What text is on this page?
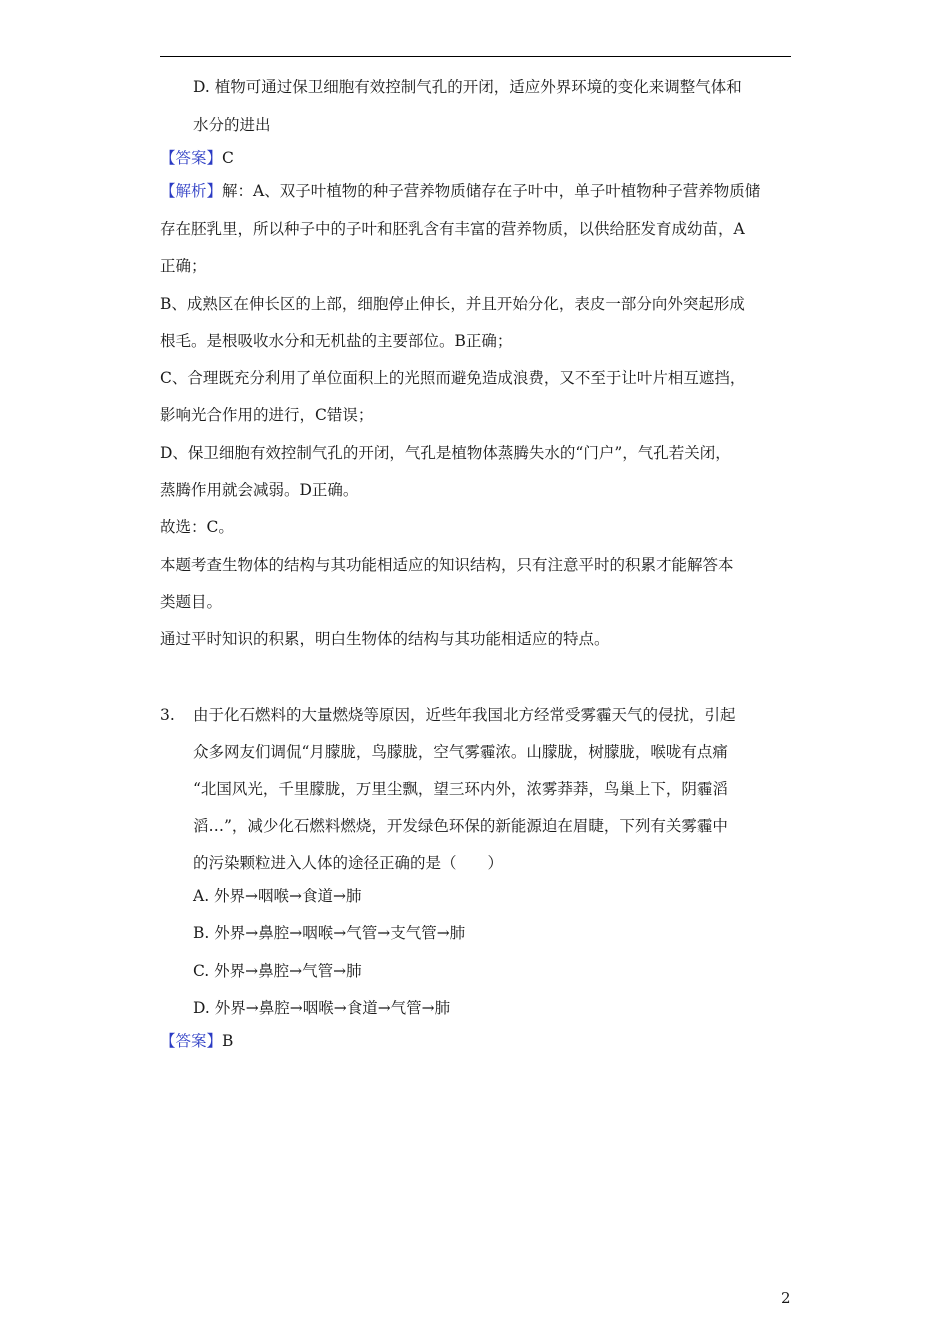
D. 植物可通过保卫细胞有效控制气孔的开闭，适应外界环境的变化来调整气体和
水分的进出
【答案】C
【解析】解：A、双子叶植物的种子营养物质储存在子叶中，单子叶植物种子营养物质储
存在胚乳里，所以种子中的子叶和胚乳含有丰富的营养物质，以供给胚发育成幼苗，A
正确；
B、成熟区在伸长区的上部，细胞停止伸长，并且开始分化，表皮一部分向外突起形成
根毛。是根吸收水分和无机盐的主要部位。B正确；
C、合理既充分利用了单位面积上的光照而避免造成浪费，又不至于让叶片相互遮挡，
影响光合作用的进行，C错误；
D、保卫细胞有效控制气孔的开闭，气孔是植物体蒸腾失水的“门户”，气孔若关闭，
蒸腾作用就会减弱。D正确。
故选：C。
本题考查生物体的结构与其功能相适应的知识结构，只有注意平时的积累才能解答本
类题目。
通过平时知识的积累，明白生物体的结构与其功能相适应的特点。
3. 由于化石燃料的大量燃烧等原因，近些年我国北方经常受雾霾天气的侵扰，引起
众多网友们调侃“月朦胧，鸟朦胧，空气雾霾浓。山朦胧，树朦胧，喉咙有点痛
“北国风光，千里朦胧，万里尘飘，望三环内外，浓雾莽莽，鸟巢上下，阴霾滔
滔…”，减少化石燃料燃烧，开发绿色环保的新能源迫在眉睫，下列有关雾霾中
的污染颗粒进入人体的途径正确的是（　　）
A. 外界→咽喉→食道→肺
B. 外界→鼻腔→咽喉→气管→支气管→肺
C. 外界→鼻腔→气管→肺
D. 外界→鼻腔→咽喉→食道→气管→肺
【答案】B
2
